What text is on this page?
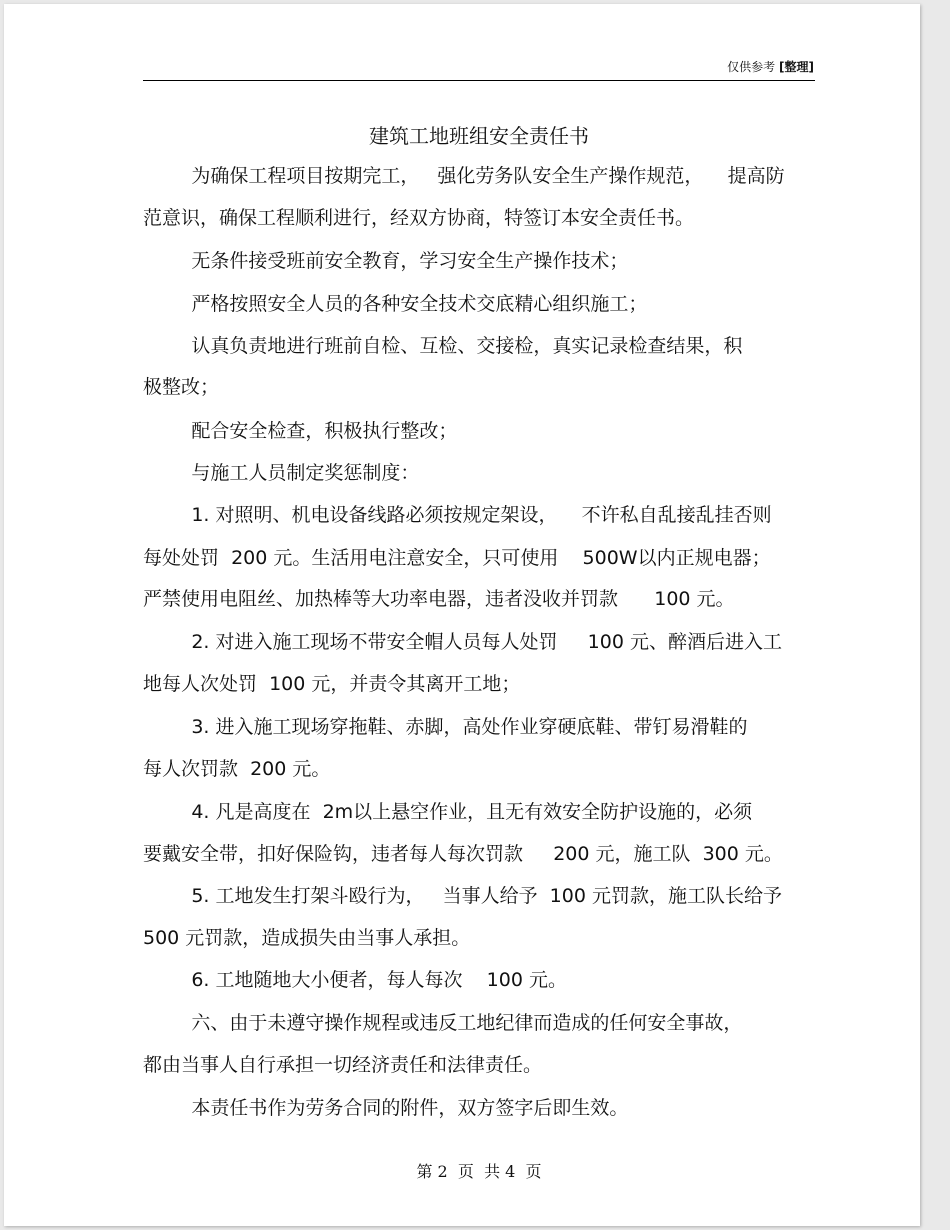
仅供参考 [整理]
建筑工地班组安全责任书
为确保工程项目按期完工，   强化劳务队安全生产操作规范，    提高防
范意识，确保工程顺利进行，经双方协商，特签订本安全责任书。
无条件接受班前安全教育，学习安全生产操作技术；
严格按照安全人员的各种安全技术交底精心组织施工；
认真负责地进行班前自检、互检、交接检，真实记录检查结果，积
极整改；
配合安全检查，积极执行整改；
与施工人员制定奖惩制度：
1. 对照明、机电设备线路必须按规定架设，    不许私自乱接乱挂否则
每处处罚  200 元。生活用电注意安全，只可使用    500W以内正规电器；
严禁使用电阻丝、加热棒等大功率电器，违者没收并罚款      100 元。
2. 对进入施工现场不带安全帽人员每人处罚     100 元、醉酒后进入工
地每人次处罚  100 元，并责令其离开工地；
3. 进入施工现场穿拖鞋、赤脚，高处作业穿硬底鞋、带钉易滑鞋的
每人次罚款  200 元。
4. 凡是高度在  2m以上悬空作业，且无有效安全防护设施的，必须
要戴安全带，扣好保险钩，违者每人每次罚款     200 元，施工队  300 元。
5. 工地发生打架斗殴行为，   当事人给予  100 元罚款，施工队长给予
500 元罚款，造成损失由当事人承担。
6. 工地随地大小便者，每人每次    100 元。
六、由于未遵守操作规程或违反工地纪律而造成的任何安全事故，
都由当事人自行承担一切经济责任和法律责任。
本责任书作为劳务合同的附件，双方签字后即生效。
第 2  页  共 4  页
